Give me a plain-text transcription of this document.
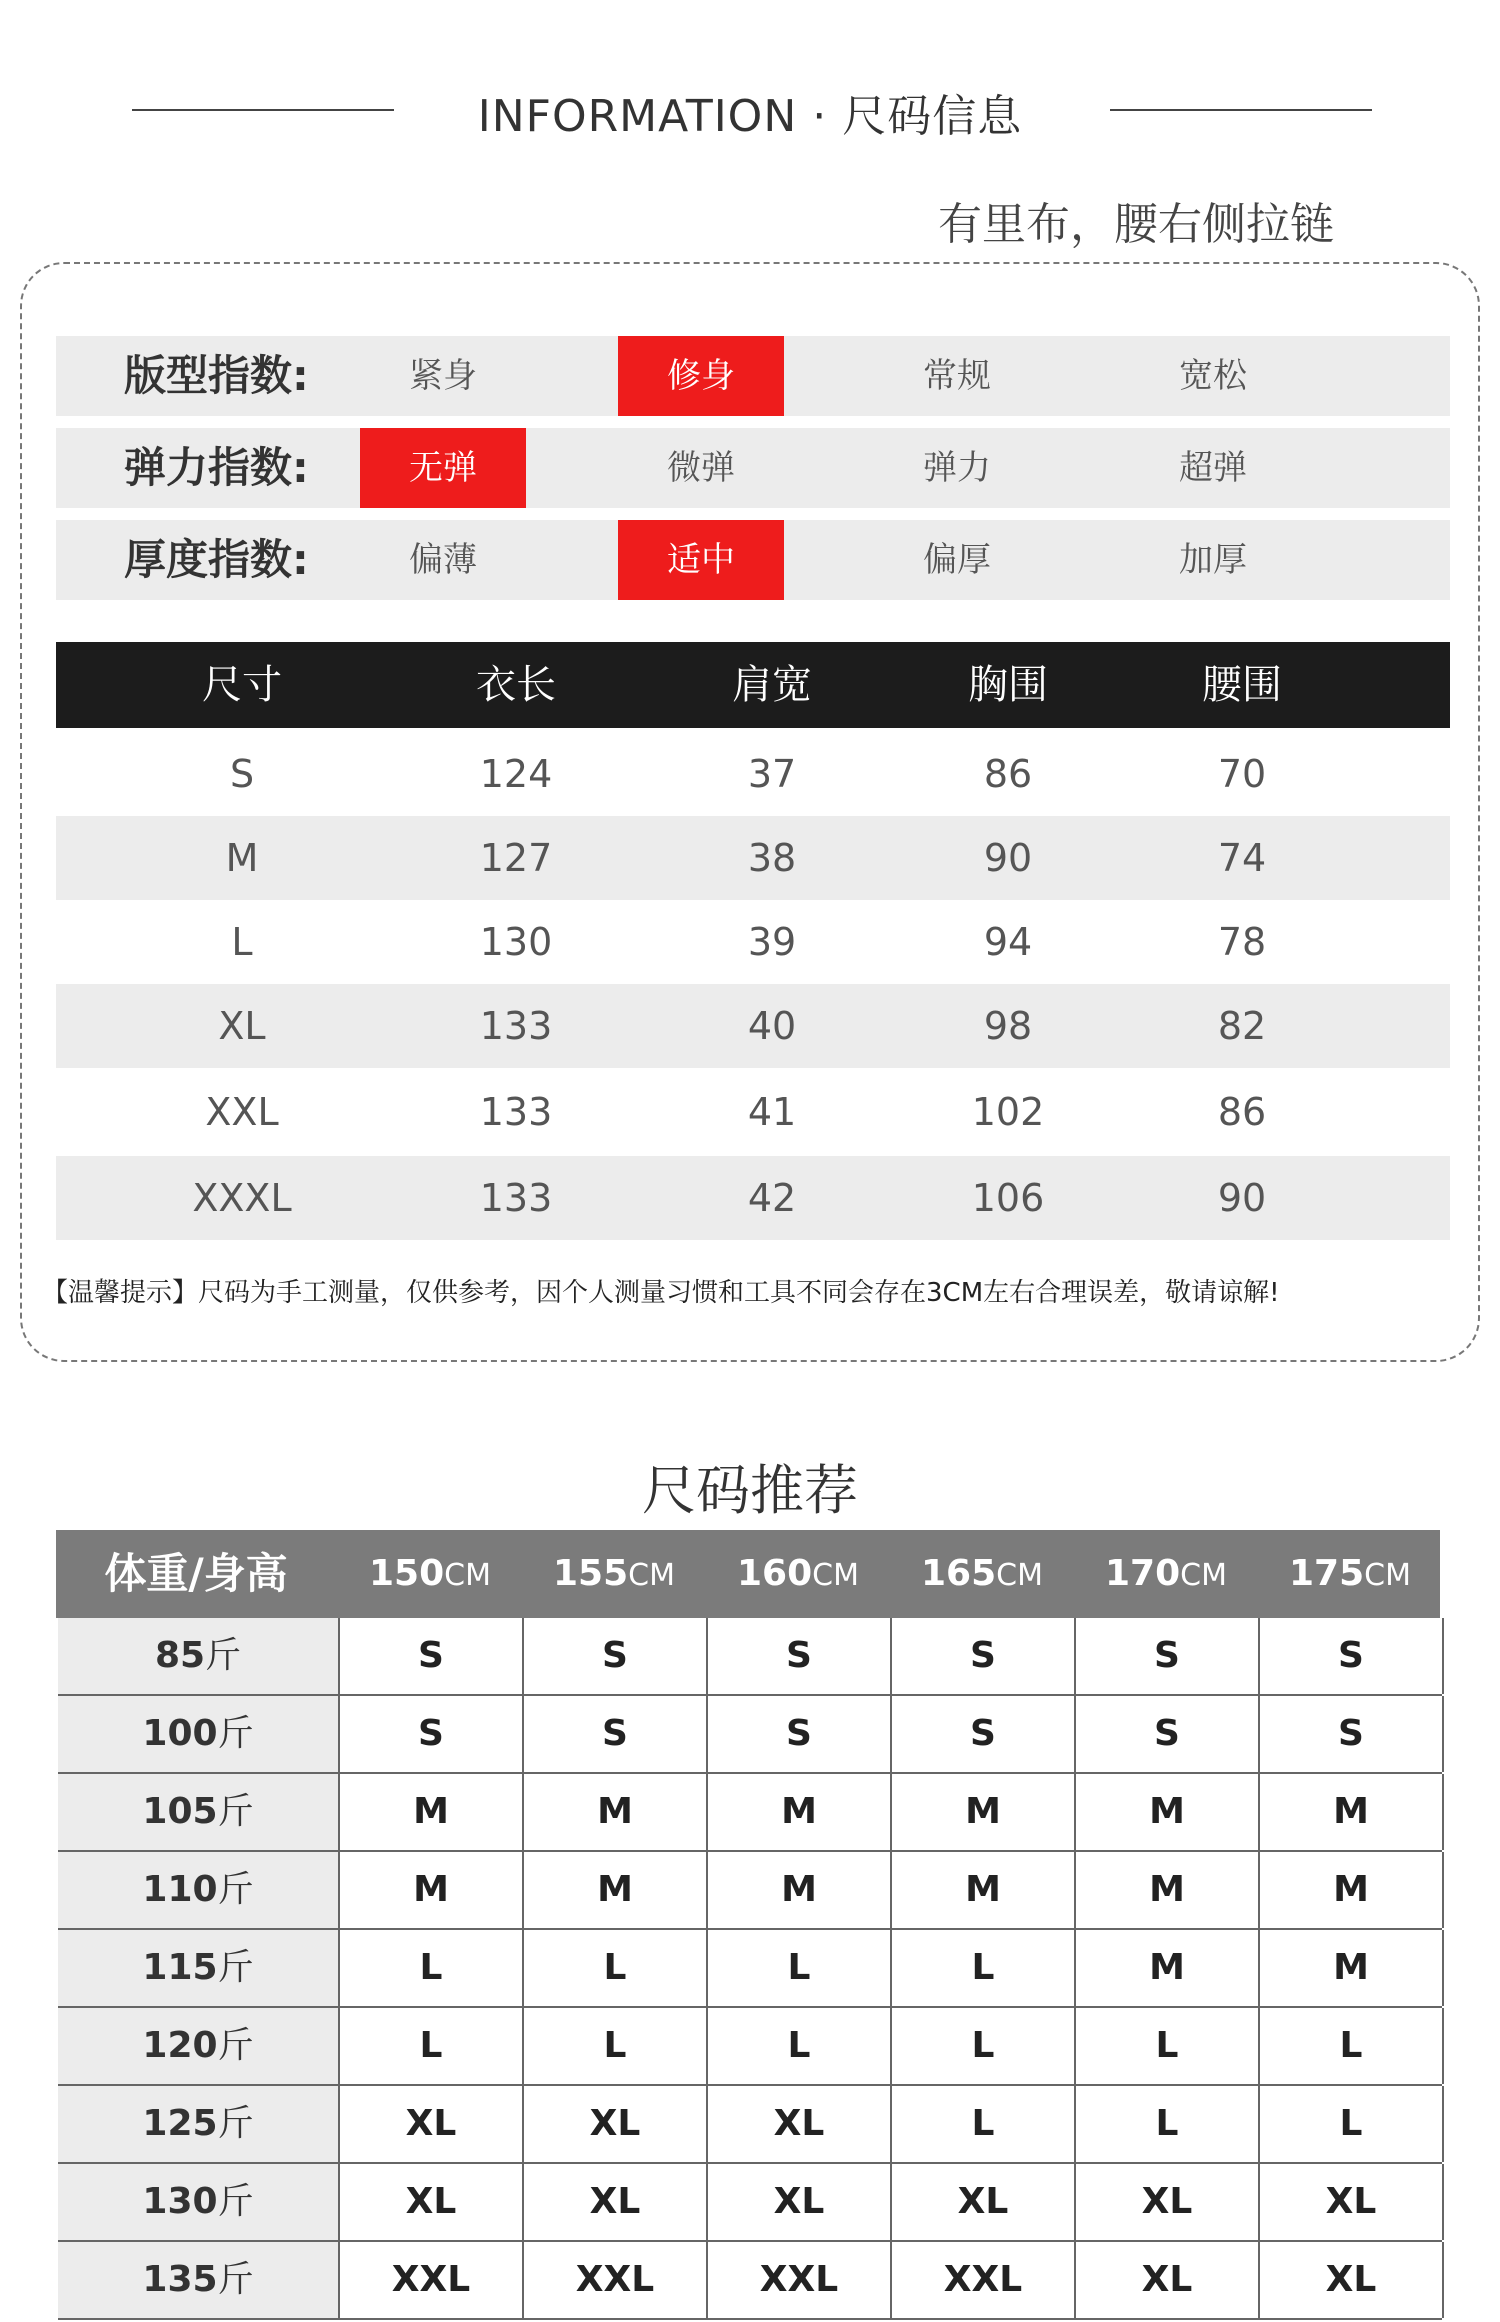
INFORMATION · 尺码信息
有里布，腰右侧拉链
版型指数:	紧身	修身	常规	宽松
弹力指数:	无弹	微弹	弹力	超弹
厚度指数:	偏薄	适中	偏厚	加厚
尺寸	衣长	肩宽	胸围	腰围
S	124	37	86	70
M	127	38	90	74
L	130	39	94	78
XL	133	40	98	82
XXL	133	41	102	86
XXXL	133	42	106	90
【温馨提示】尺码为手工测量，仅供参考，因个人测量习惯和工具不同会存在3CM左右合理误差，敬请谅解!
尺码推荐
体重/身高	150CM	155CM	160CM	165CM	170CM	175CM
85斤	S	S	S	S	S	S
100斤	S	S	S	S	S	S
105斤	M	M	M	M	M	M
110斤	M	M	M	M	M	M
115斤	L	L	L	L	M	M
120斤	L	L	L	L	L	L
125斤	XL	XL	XL	L	L	L
130斤	XL	XL	XL	XL	XL	XL
135斤	XXL	XXL	XXL	XXL	XL	XL
